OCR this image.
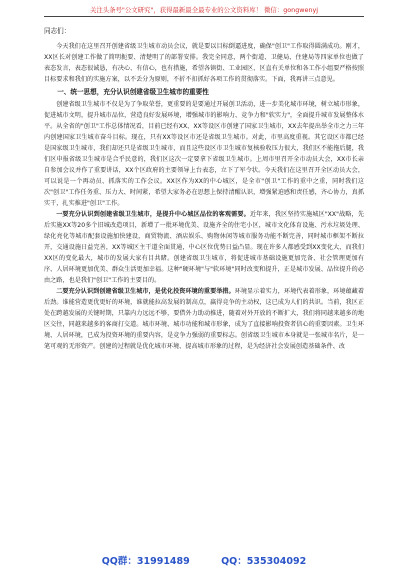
关注头条号"公文研究"，获得最新最全最专业的公文资料库！ 微信：gongwenyj

同志们：

今天我们在这里召开创建省级卫生城市动员会议，就是要以目标倒逼进度，确保"创卫"工作取得圆满成功。刚才，XX区长对创建工作做了简明扼要、清楚明了的部署安排。我完全同意，两个街道、卫健局、住建局等四家单位也做了表态发言，表态很诚恳，有决心、有信心，也有措施，希望各镇街、工业园区、区直有关单位和各工作小组要严格按照目标要求和我们的实施方案，以不丢分为原则，不折不扣抓好各项工作的贯彻落实。下面，我再讲三点意见。

一、统一思想，充分认识创建省级卫生城市的重要性

创建省级卫生城市不仅是为了争取荣誉，更重要的是要通过开展创卫活动，进一步美化城市环境，树立城市形象，促进城市文明，提升城市品位，营造良好发展环境，增强城市的影响力、竞争力和"软实力"，全面提升城市发展整体水平。从全省的"创卫"工作总体情况看，目前已经有XX、XX等设区市创建了国家卫生城市，XX去年提出举全市之力三年内创建国家卫生城市奋斗目标。现在，只有XX等设区市还是省级卫生城市。对此，市里高度重视。其它设区市都已经是国家级卫生城市，我们却还只是省级卫生城市，而且这些设区市卫生城市复核验收压力很大，我们区不能拖后腿，我们区申报省级卫生城市是合乎民意的，我们区这次一定要拿下省级卫生城市。上周市里召开全市动员大会，XX市长亲自参加会议并作了重要讲话，XX个区政府的主要领导上台表态，立下了军令状。今天我们在这里召开全区动员大会，可以说是一个再动员、抓落实的工作会议。XX区作为XX的中心城区，是全市"创卫"工作的重中之重，同时我们这次"创卫"工作任务重、压力大、时间紧，希望大家务必在思想上保持清醒认识，增强紧迫感和责任感，齐心协力，真抓实干，扎实推进"创卫"工作。

一要充分认识到创建省级卫生城市，是提升中心城区品位的客观需要。近年来，我区坚持实施城区"XX"战略，先后实施XX等20多个旧城改造项目，新增了一批环境优美、设施齐全的住宅小区，城市文化体育设施、污水垃圾处理、绿化亮化等城市配套设施加快建设，商贸物流、酒店娱乐、购物休闲等城市服务功能不断完善，同时城市框架不断拉开，交通设施日益完善，XX等城区主干道全面贯通，中心区位优势日益凸显。现在许多人都感受到XX变化大，而我们XX区的变化最大，城市的发展大家有目共睹。创建省级卫生城市，将促进城市基础设施更加完备、社会管理更加有序、人居环境更加优美、群众生活更加幸福。这种"硬环境"与"软环境"同时改变和提升，正是城市发展、品位提升的必由之路，也是我们"创卫"工作的主要目的。

二要充分认识到创建省级卫生城市，是优化投资环境的重要举措。环境显示着实力，环境代表着形象，环境蕴藏着后劲。谁能营造更优更好的环境，谁就能拉高发展的制高点，赢得竞争的主动权，这已成为人们的共识。当前，我区正处在跨越发展的关键时期，只靠内力远远不够，要借外力助动推进，随着对外开放的不断扩大，我们将同越来越多的地区交往，同越来越多的客商打交道。城市环境、城市功能和城市形象，成为了直接影响投资者信心的重要因素。卫生环境、人居环境，已成为投资环境的重要内容，是竞争力强弱的重要标志。创省级卫生城市本身就是一张城市名片，是一笔可观的无形资产。创建的过程就是优化城市环境、提高城市形象的过程，是为经济社会发展创造基础条件、改

QQ群：31991489	QQ：535304092
